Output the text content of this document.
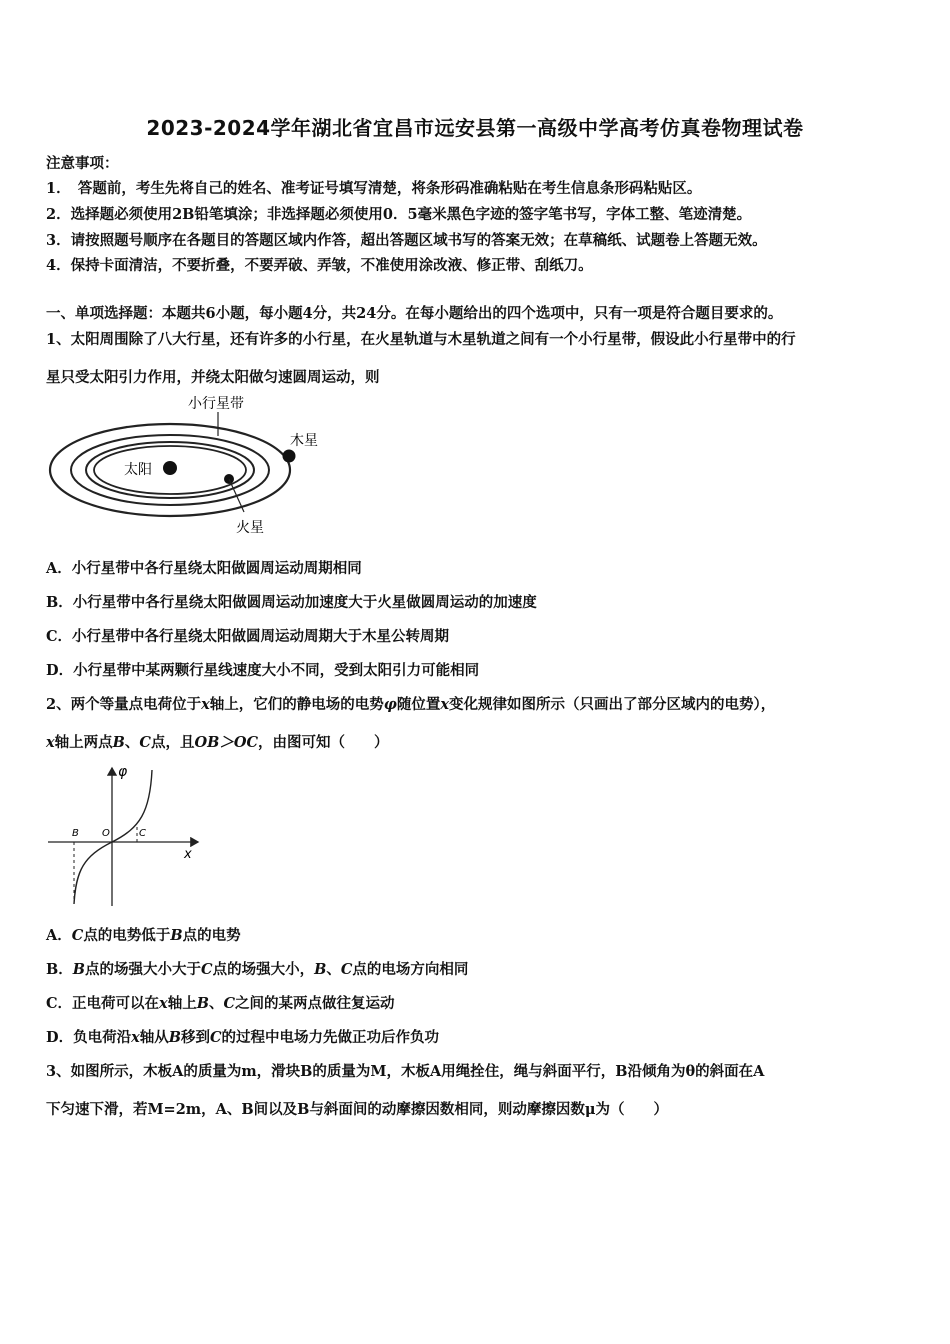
2023-2024学年湖北省宜昌市远安县第一高级中学高考仿真卷物理试卷
注意事项：
1．　答题前，考生先将自己的姓名、准考证号填写清楚，将条形码准确粘贴在考生信息条形码粘贴区。
2．选择题必须使用2B铅笔填涂；非选择题必须使用0．5毫米黑色字迹的签字笔书写，字体工整、笔迹清楚。
3．请按照题号顺序在各题目的答题区域内作答，超出答题区域书写的答案无效；在草稿纸、试题卷上答题无效。
4．保持卡面清洁，不要折叠，不要弄破、弄皱，不准使用涂改液、修正带、刮纸刀。
一、单项选择题：本题共6小题，每小题4分，共24分。在每小题给出的四个选项中，只有一项是符合题目要求的。
1、太阳周围除了八大行星，还有许多的小行星，在火星轨道与木星轨道之间有一个小行星带，假设此小行星带中的行
星只受太阳引力作用，并绕太阳做匀速圆周运动，则
小行星带
木星
太阳
火星
A．小行星带中各行星绕太阳做圆周运动周期相同
B．小行星带中各行星绕太阳做圆周运动加速度大于火星做圆周运动的加速度
C．小行星带中各行星绕太阳做圆周运动周期大于木星公转周期
D．小行星带中某两颗行星线速度大小不同，受到太阳引力可能相同
2、两个等量点电荷位于x轴上，它们的静电场的电势φ随位置x变化规律如图所示（只画出了部分区域内的电势），
x轴上两点B、C点，且OB＞OC，由图可知（　　）
φ
x
B O	C
A．C点的电势低于B点的电势
B．B点的场强大小大于C点的场强大小，B、C点的电场方向相同
C．正电荷可以在x轴上B、C之间的某两点做往复运动
D．负电荷沿x轴从B移到C的过程中电场力先做正功后作负功
3、如图所示，木板A的质量为m，滑块B的质量为M，木板A用绳拴住，绳与斜面平行，B沿倾角为θ的斜面在A
下匀速下滑，若M=2m，A、B间以及B与斜面间的动摩擦因数相同，则动摩擦因数μ为（　　）
